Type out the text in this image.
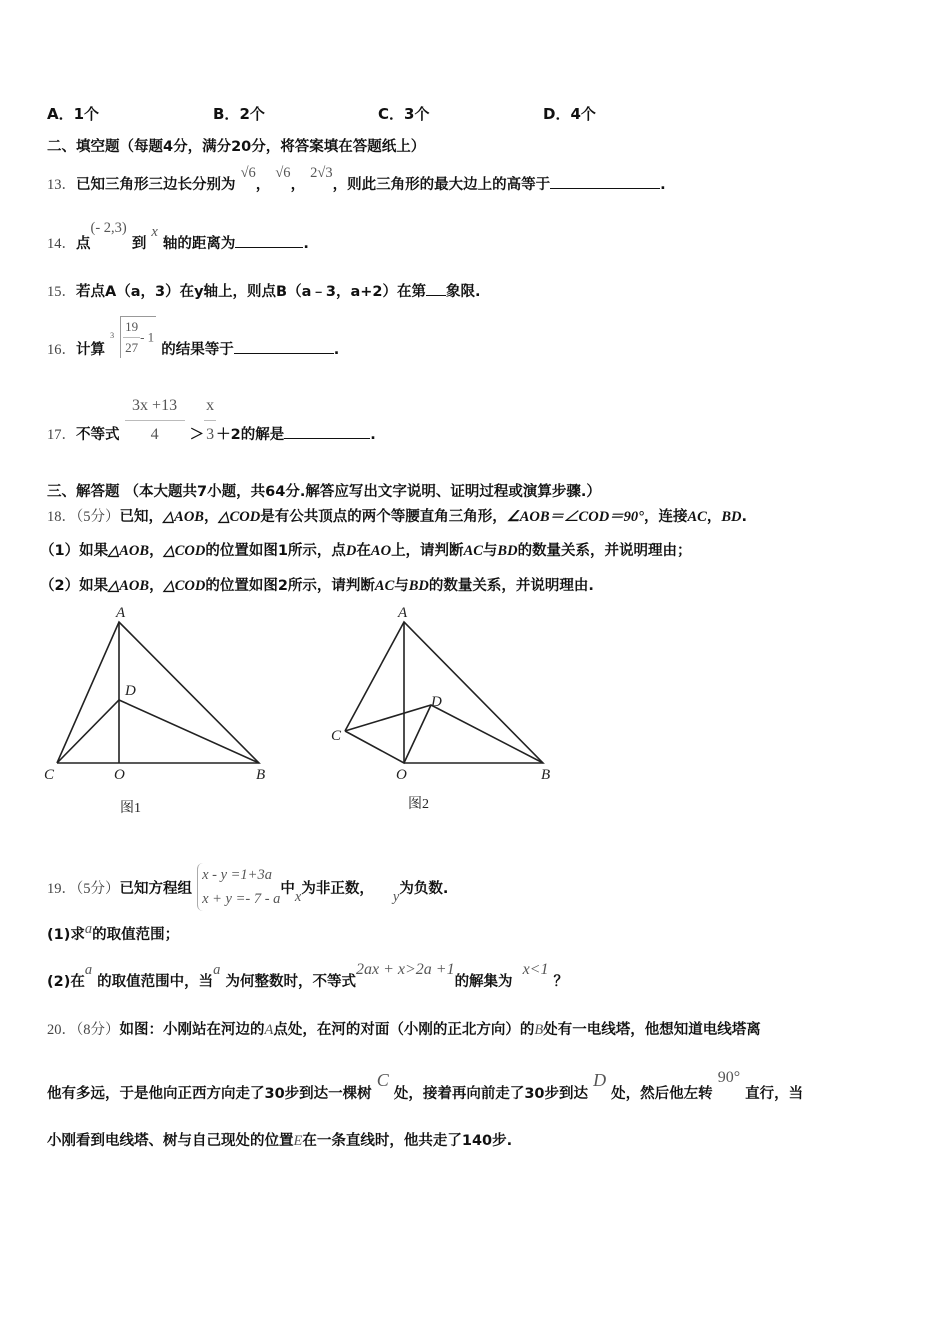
A．1个	B．2个	C．3个	D．4个
二、填空题（每题4分，满分20分，将答案填在答题纸上）
13．已知三角形三边长分别为 √6， √6， 2√3，则此三角形的最大边上的高等于	.
14．点(- 2,3) 到 x 轴的距离为	.
15．若点A（a，3）在y轴上，则点B（a﹣3，a+2）在第 象限.
16．计算
$3 \frac{19}{27}-$ 1 的结果等于	.
17．不等式 $\frac{3x +13}{4} > \frac{x}{3} +2$的解是	.
三、解答题 （本大题共7小题，共64分.解答应写出文字说明、证明过程或演算步骤.）
18．（5分）已知，△AOB，△COD是有公共顶点的两个等腰直角三角形，∠AOB＝∠COD＝90°，连接AC，BD.
（1）如果△AOB，△COD的位置如图1所示，点D在AO上，请判断AC与BD的数量关系，并说明理由；
（2）如果△AOB，△COD的位置如图2所示，请判断AC与BD的数量关系，并说明理由.
A
D
C	O	B
图1
A
D
C
O	B
图2
19．（5分）已知方程组
x - y =1+3a
x + y =- 7 - a
中x为非正数， y为负数.
(1)求a的取值范围；
(2)在a 的取值范围中，当a 为何整数时，不等式2ax + x>2a +1的解集为x<1 ？
20．（8分）如图：小刚站在河边的A点处，在河的对面（小刚的正北方向）的B处有一电线塔，他想知道电线塔离
他有多远，于是他向正西方向走了30步到达一棵树 C 处，接着再向前走了30步到达 D 处，然后他左转 90° 直行，当
小刚看到电线塔、树与自己现处的位置E在一条直线时，他共走了140步.
